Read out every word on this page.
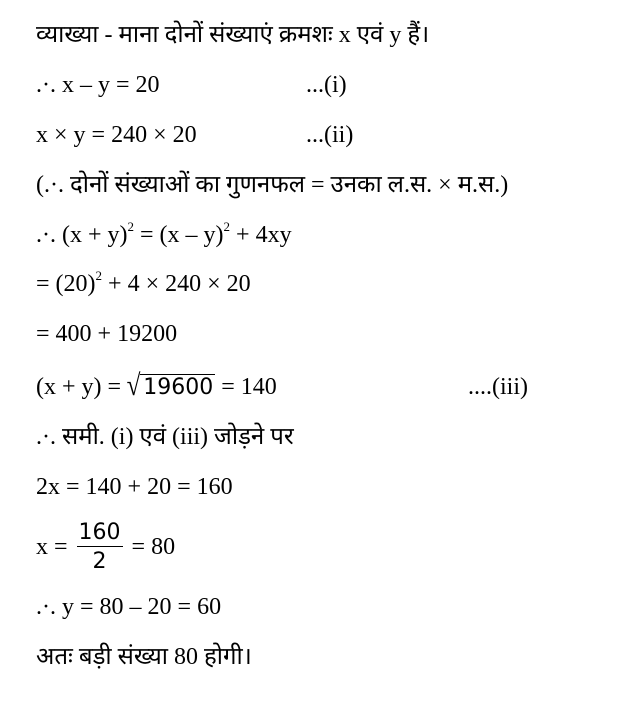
व्याख्या - माना दोनों संख्याएं क्रमशः x एवं y हैं।
.·. x – y = 20	...(i)
x × y = 240 × 20	...(ii)
(.·. दोनों संख्याओं का गुणनफल = उनका ल.स. × म.स.)
.·. $(x + y)^2 = (x - y)^2 + 4xy$
= $(20)^2 + 4 \times 240 \times 20$
= 400 + 19200
(x + y) = √ 19600 = 140	....(iii)
.·. समी. (i) एवं (iii) जोड़ने पर
2x = 140 + 20 = 160
$x = \frac{160}{2} = 80$
.·. y = 80 – 20 = 60
अतः बड़ी संख्या 80 होगी।
